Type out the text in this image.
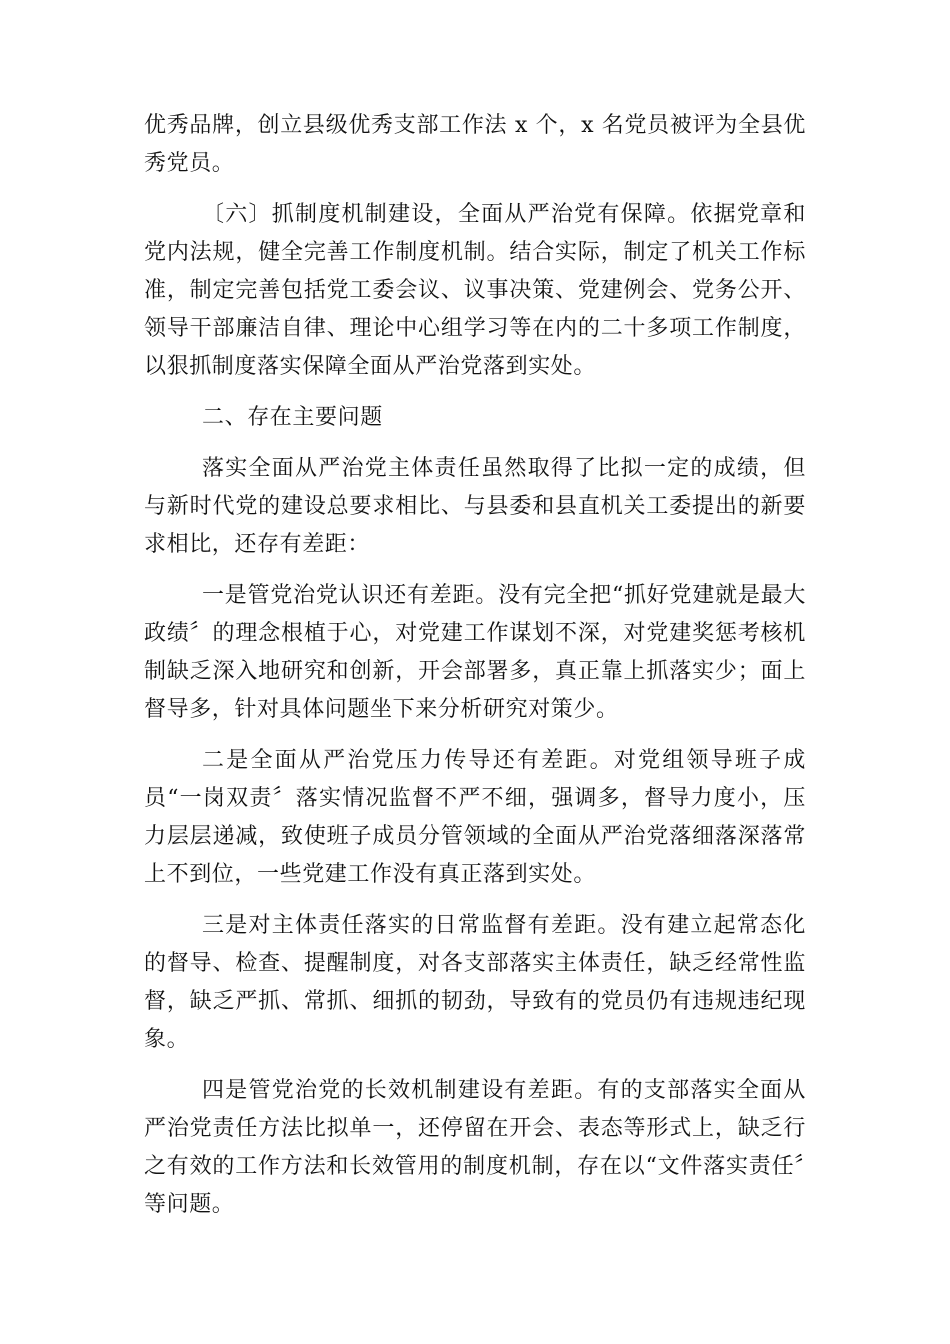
优秀品牌，创立县级优秀支部工作法 x 个，x 名党员被评为全县优秀党员。

〔六〕抓制度机制建设，全面从严治党有保障。依据党章和党内法规，健全完善工作制度机制。结合实际，制定了机关工作标准，制定完善包括党工委会议、议事决策、党建例会、党务公开、领导干部廉洁自律、理论中心组学习等在内的二十多项工作制度，以狠抓制度落实保障全面从严治党落到实处。

二、存在主要问题

落实全面从严治党主体责任虽然取得了比拟一定的成绩，但与新时代党的建设总要求相比、与县委和县直机关工委提出的新要求相比，还存有差距：

一是管党治党认识还有差距。没有完全把“抓好党建就是最大政绩〞的理念根植于心，对党建工作谋划不深，对党建奖惩考核机制缺乏深入地研究和创新，开会部署多，真正靠上抓落实少；面上督导多，针对具体问题坐下来分析研究对策少。

二是全面从严治党压力传导还有差距。对党组领导班子成员“一岗双责〞落实情况监督不严不细，强调多，督导力度小，压力层层递减，致使班子成员分管领域的全面从严治党落细落深落常上不到位，一些党建工作没有真正落到实处。

三是对主体责任落实的日常监督有差距。没有建立起常态化的督导、检查、提醒制度，对各支部落实主体责任，缺乏经常性监督，缺乏严抓、常抓、细抓的韧劲，导致有的党员仍有违规违纪现象。

四是管党治党的长效机制建设有差距。有的支部落实全面从严治党责任方法比拟单一，还停留在开会、表态等形式上，缺乏行之有效的工作方法和长效管用的制度机制，存在以“文件落实责任〞等问题。
